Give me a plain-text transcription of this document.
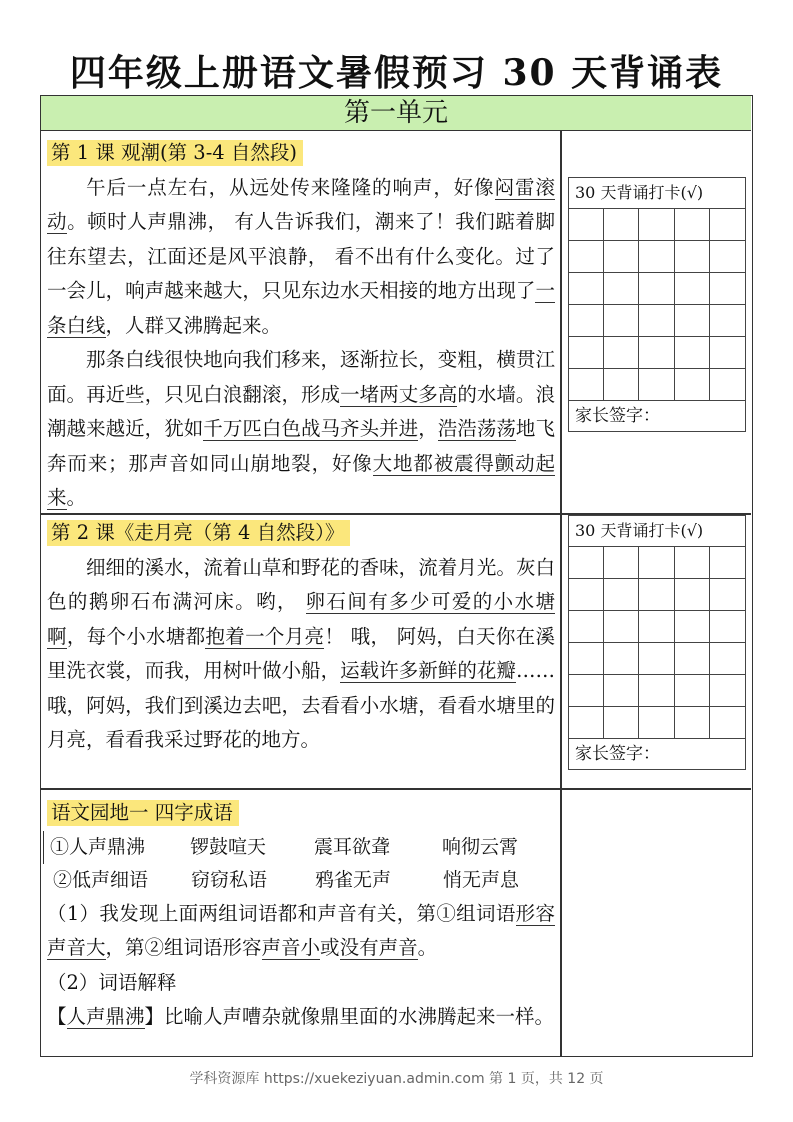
四年级上册语文暑假预习 30 天背诵表
第一单元
第 1 课 观潮(第 3-4 自然段)

午后一点左右，从远处传来隆隆的响声，好像闷雷滚动。顿时人声鼎沸， 有人告诉我们，潮来了！我们踮着脚往东望去，江面还是风平浪静， 看不出有什么变化。过了一会儿，响声越来越大，只见东边水天相接的地方出现了一条白线，人群又沸腾起来。

那条白线很快地向我们移来，逐渐拉长，变粗，横贯江面。再近些，只见白浪翻滚，形成一堵两丈多高的水墙。浪潮越来越近，犹如千万匹白色战马齐头并进，浩浩荡荡地飞奔而来；那声音如同山崩地裂，好像大地都被震得颤动起来。

30 天背诵打卡(√)
家长签字：
第 2 课《走月亮（第 4 自然段）》

细细的溪水，流着山草和野花的香味，流着月光。灰白色的鹅卵石布满河床。哟， 卵石间有多少可爱的小水塘啊，每个小水塘都抱着一个月亮！ 哦， 阿妈，白天你在溪里洗衣裳，而我，用树叶做小船，运载许多新鲜的花瓣……哦，阿妈，我们到溪边去吧，去看看小水塘，看看水塘里的月亮，看看我采过野花的地方。

30 天背诵打卡(√)
家长签字：
语文园地一 四字成语
①人声鼎沸	锣鼓喧天	震耳欲聋	响彻云霄
②低声细语	窃窃私语	鸦雀无声	悄无声息

（1）我发现上面两组词语都和声音有关，第①组词语形容声音大，第②组词语形容声音小或没有声音。

（2）词语解释

【人声鼎沸】比喻人声嘈杂就像鼎里面的水沸腾起来一样。

学科资源库 https://xuekeziyuan.admin.com 第 1 页，共 12 页
